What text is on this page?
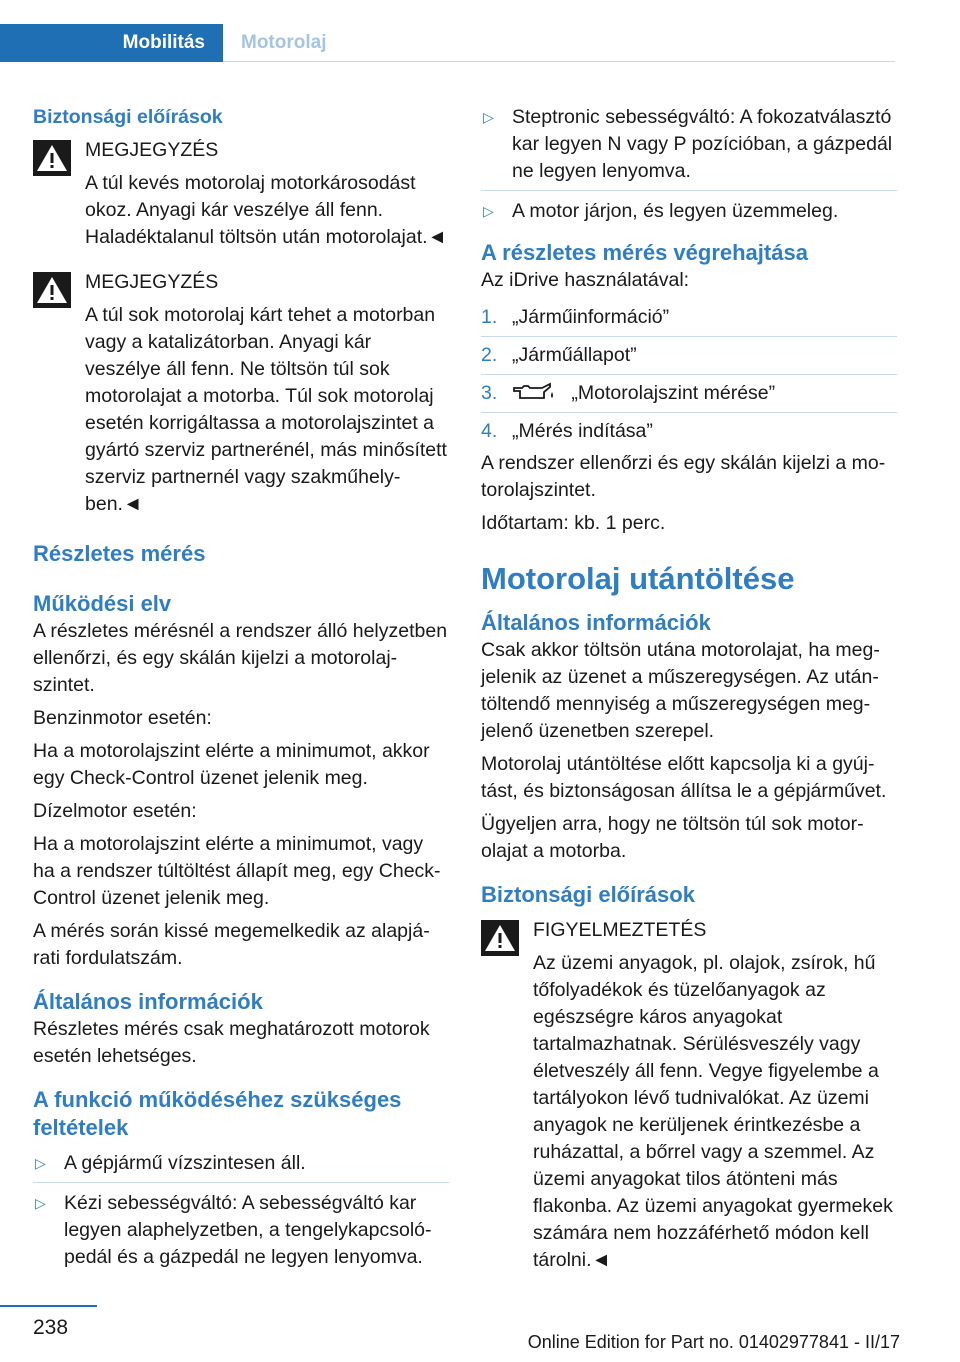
Mobilitás Motorolaj
Biztonsági előírások

MEGJEGYZÉS

A túl kevés motorolaj motorkárosodást

okoz. Anyagi kár veszélye áll fenn. Haladéktalanul töltsön után motorolajat.◄

MEGJEGYZÉS

A túl sok motorolaj kárt tehet a motorban

vagy a katalizátorban. Anyagi kár veszélye áll fenn. Ne töltsön túl sok motorolajat a motorba. Túl sok motorolaj esetén korrigáltassa a motorolajszintet a gyártó szerviz partnerénél, más minősített szerviz partnernél vagy szakműhelyben.◄

Részletes mérés
Működési elv

A részletes mérésnél a rendszer álló helyzetben ellenőrzi, és egy skálán kijelzi a motorolajszintet.

Benzinmotor esetén:

Ha a motorolajszint elérte a minimumot, akkor egy Check-Control üzenet jelenik meg.

Dízelmotor esetén:

Ha a motorolajszint elérte a minimumot, vagy ha a rendszer túltöltést állapít meg, egy Check-Control üzenet jelenik meg.

A mérés során kissé megemelkedik az alapjárati fordulatszám.

Általános információk

Részletes mérés csak meghatározott motorok esetén lehetséges.

A funkció működéséhez szükséges feltételek
▷ A gépjármű vízszintesen áll.
▷ Kézi sebességváltó: A sebességváltó kar legyen alaphelyzetben, a tengelykapcsolópedál és a gázpedál ne legyen lenyomva.
▷ Steptronic sebességváltó: A fokozatválasztó kar legyen N vagy P pozícióban, a gázpedál ne legyen lenyomva.
▷ A motor járjon, és legyen üzemmeleg.
A részletes mérés végrehajtása

Az iDrive használatával:

1. „Járműinformáció”
2. „Járműállapot”
3.	„Motorolajszint mérése”
4. „Mérés indítása”

A rendszer ellenőrzi és egy skálán kijelzi a motorolajszintet.

Időtartam: kb. 1 perc.

Motorolaj utántöltése
Általános információk

Csak akkor töltsön utána motorolajat, ha megjelenik az üzenet a műszeregységen. Az utántöltendő mennyiség a műszeregységen megjelenő üzenetben szerepel.

Motorolaj utántöltése előtt kapcsolja ki a gyújtást, és biztonságosan állítsa le a gépjárművet.

Ügyeljen arra, hogy ne töltsön túl sok motorolajat a motorba.

Biztonsági előírások

FIGYELMEZTETÉS

Az üzemi anyagok, pl. olajok, zsírok, hű

tőfolyadékok és tüzelőanyagok az egészségre káros anyagokat tartalmazhatnak. Sérülésveszély vagy életveszély áll fenn. Vegye figyelembe a tartályokon lévő tudnivalókat. Az üzemi anyagok ne kerüljenek érintkezésbe a ruházattal, a bőrrel vagy a szemmel. Az üzemi anyagokat tilos átönteni más flakonba. Az üzemi anyagokat gyermekek számára nem hozzáférhető módon kell tárolni.◄

238
Online Edition for Part no. 01402977841 - II/17
